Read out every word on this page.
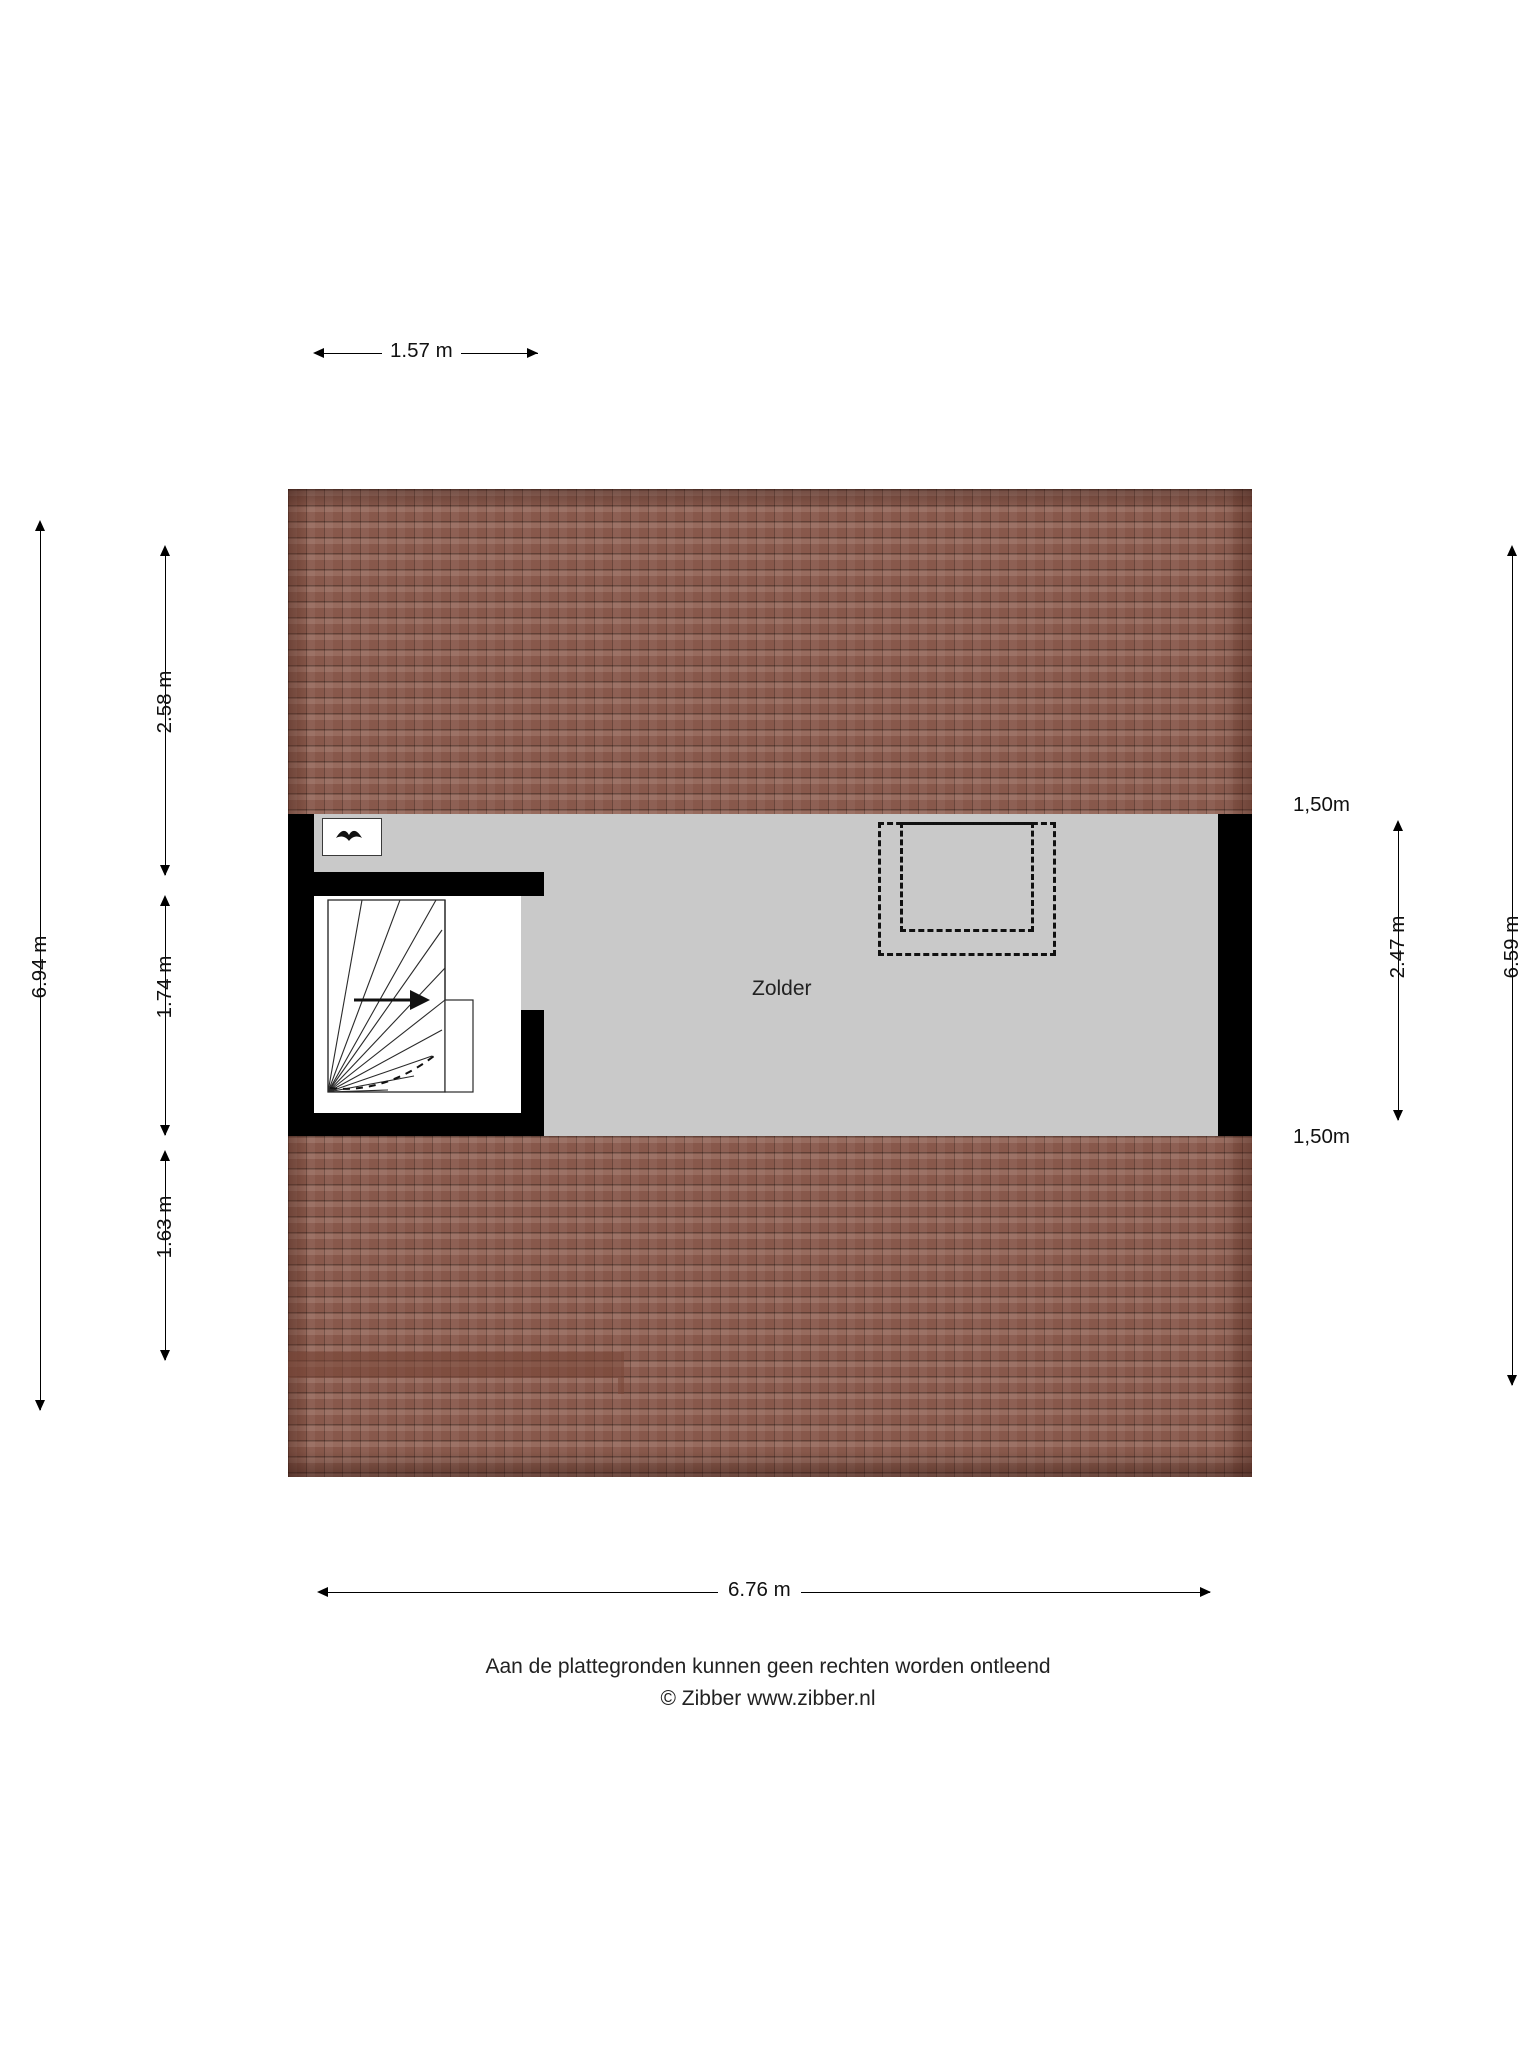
Zolder
1.57 m
6.94 m
2.58 m
1.74 m
1.63 m
6.59 m
2.47 m
1,50m
1,50m
6.76 m
Aan de plattegronden kunnen geen rechten worden ontleend
© Zibber www.zibber.nl
